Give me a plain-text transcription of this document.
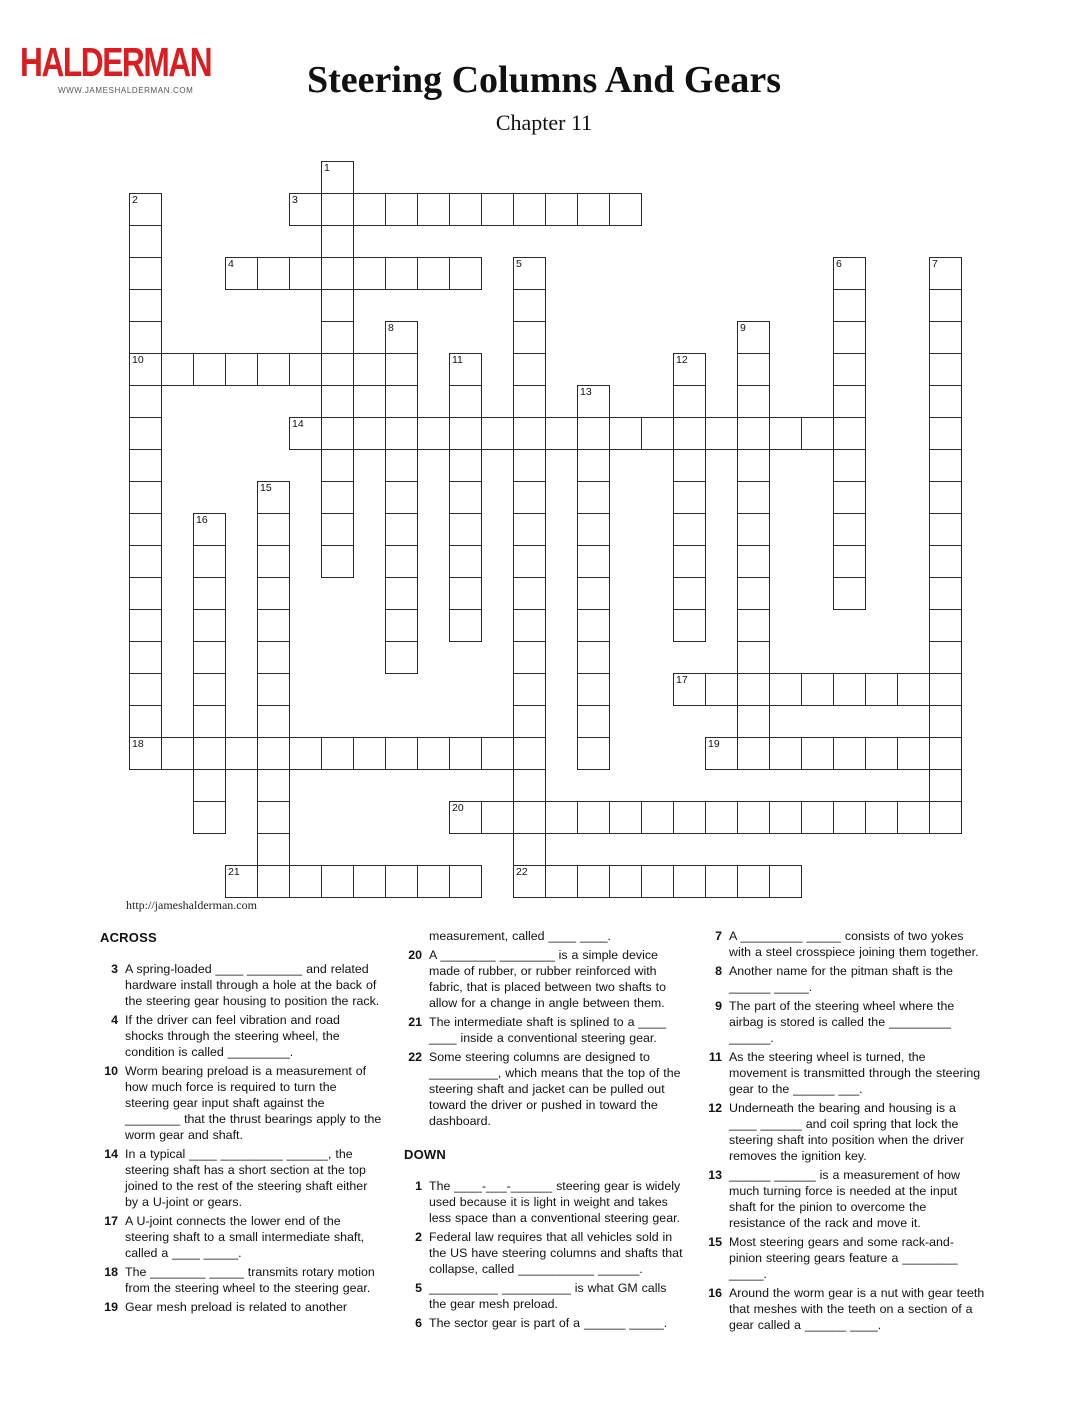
HALDERMAN
WWW.JAMESHALDERMAN.COM	Steering Columns And Gears
Chapter 11
1
2	3
4	5	6	7
8	9
10	11	12
13
14
15
16
17
18	19
20
21	22
http://jameshalderman.com
ACROSS
3 A spring-loaded ____ ________ and related hardware install through a hole at the back of the steering gear housing to position the rack.
4 If the driver can feel vibration and road shocks through the steering wheel, the condition is called _________.
10 Worm bearing preload is a measurement of how much force is required to turn the steering gear input shaft against the ________ that the thrust bearings apply to the worm gear and shaft.
14 In a typical ____ _________ ______, the steering shaft has a short section at the top joined to the rest of the steering shaft either by a U-joint or gears.
17 A U-joint connects the lower end of the steering shaft to a small intermediate shaft, called a ____ _____.
18 The ________ _____ transmits rotary motion from the steering wheel to the steering gear.
19 Gear mesh preload is related to another
measurement, called ____ ____.
20 A ________ ________ is a simple device made of rubber, or rubber reinforced with fabric, that is placed between two shafts to allow for a change in angle between them.
21 The intermediate shaft is splined to a ____ ____ inside a conventional steering gear.
22 Some steering columns are designed to __________, which means that the top of the steering shaft and jacket can be pulled out toward the driver or pushed in toward the dashboard.
DOWN
1 The ____-___-______ steering gear is widely used because it is light in weight and takes less space than a conventional steering gear.
2 Federal law requires that all vehicles sold in the US have steering columns and shafts that collapse, called ___________ ______.
5 __________ __________ is what GM calls the gear mesh preload.
6 The sector gear is part of a ______ _____.
7 A _________ _____ consists of two yokes with a steel crosspiece joining them together.
8 Another name for the pitman shaft is the ______ _____.
9 The part of the steering wheel where the airbag is stored is called the _________ ______.
11 As the steering wheel is turned, the movement is transmitted through the steering gear to the ______ ___.
12 Underneath the bearing and housing is a ____ ______ and coil spring that lock the steering shaft into position when the driver removes the ignition key.
13 ______ ______ is a measurement of how much turning force is needed at the input shaft for the pinion to overcome the resistance of the rack and move it.
15 Most steering gears and some rack-and-pinion steering gears feature a ________ _____.
16 Around the worm gear is a nut with gear teeth that meshes with the teeth on a section of a gear called a ______ ____.
